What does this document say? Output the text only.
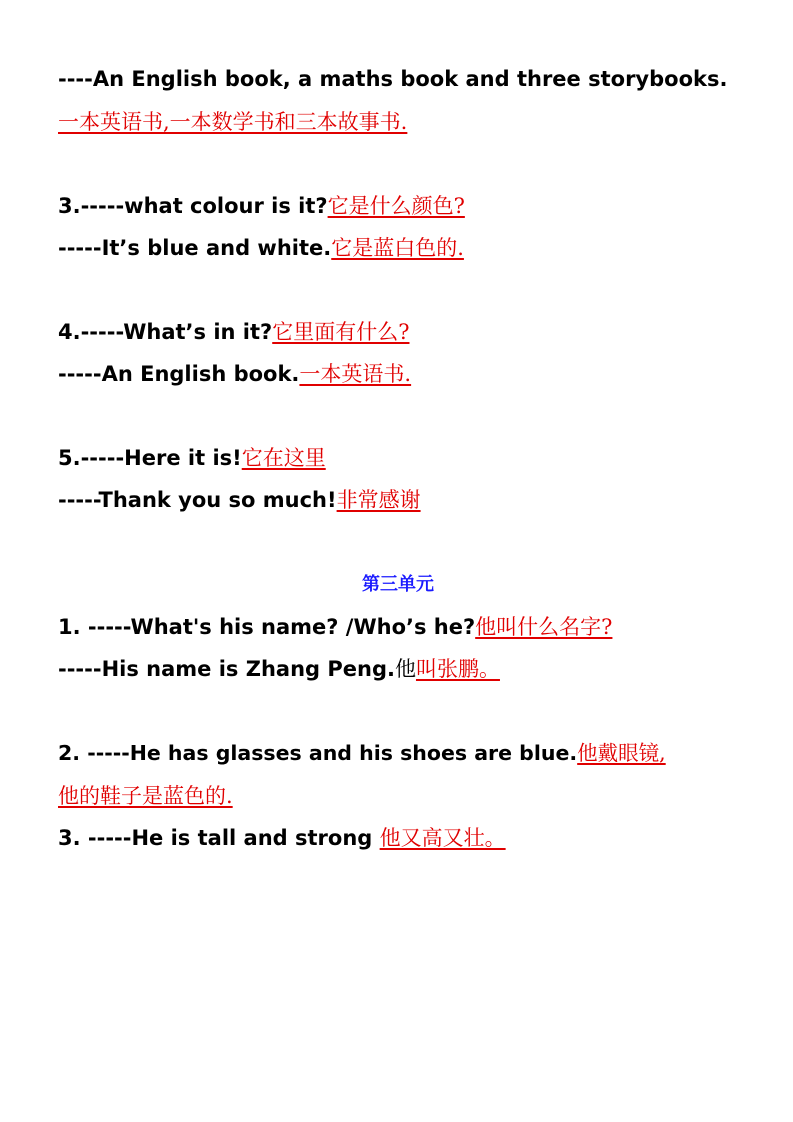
----An English book, a maths book and three storybooks.
一本英语书,一本数学书和三本故事书.
3.-----what colour is it?它是什么颜色?
-----It’s blue and white.它是蓝白色的.
4.-----What’s in it?它里面有什么?
-----An English book.一本英语书.
5.-----Here it is!它在这里
-----Thank you so much!非常感谢
第三单元
1. -----What's his name? /Who’s he?他叫什么名字?
-----His name is Zhang Peng.他叫张鹏。
2. -----He has glasses and his shoes are blue.他戴眼镜,
他的鞋子是蓝色的.
3. -----He is tall and strong 他又高又壮。
